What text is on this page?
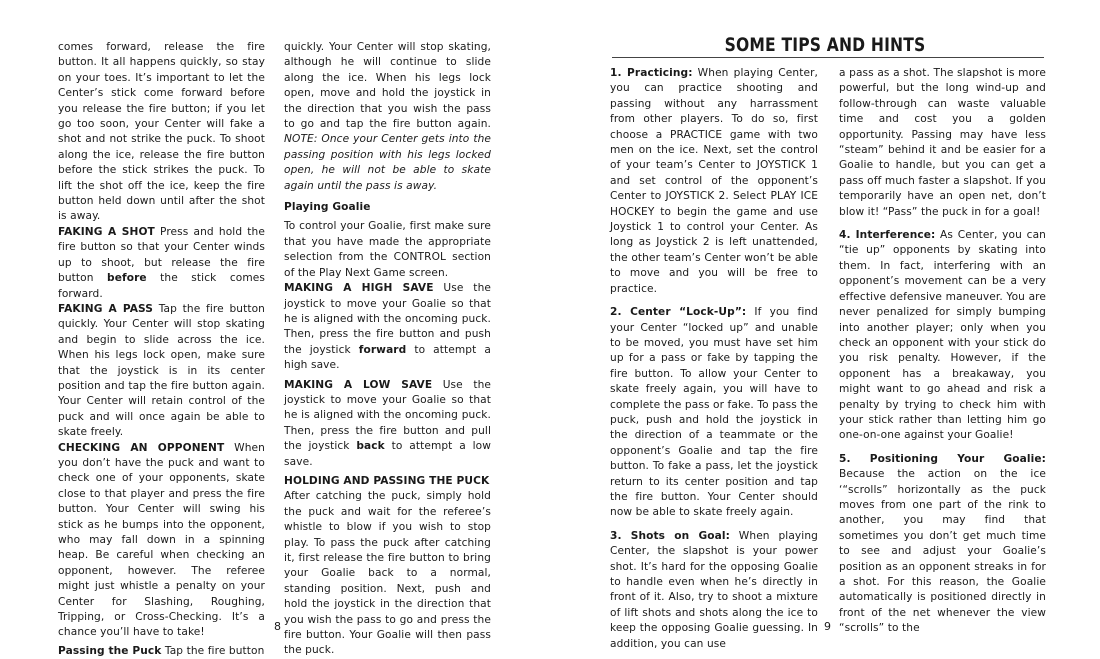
comes forward, release the fire button. It all happens quickly, so stay on your toes. It’s important to let the Center’s stick come forward before you release the fire button; if you let go too soon, your Center will fake a shot and not strike the puck. To shoot along the ice, release the fire button before the stick strikes the puck. To lift the shot off the ice, keep the fire button held down until after the shot is away.

FAKING A SHOT Press and hold the fire button so that your Center winds up to shoot, but release the fire button before the stick comes forward.

FAKING A PASS Tap the fire button quickly. Your Center will stop skating and begin to slide across the ice. When his legs lock open, make sure that the joystick is in its center position and tap the fire button again. Your Center will retain control of the puck and will once again be able to skate freely.

CHECKING AN OPPONENT When you don’t have the puck and want to check one of your opponents, skate close to that player and press the fire button. Your Center will swing his stick as he bumps into the opponent, who may fall down in a spinning heap. Be careful when checking an opponent, however. The referee might just whistle a penalty on your Center for Slashing, Roughing, Tripping, or Cross-Checking. It’s a chance you’ll have to take!

Passing the Puck Tap the fire button

quickly. Your Center will stop skating, although he will continue to slide along the ice. When his legs lock open, move and hold the joystick in the direction that you wish the pass to go and tap the fire button again. NOTE: Once your Center gets into the passing position with his legs locked open, he will not be able to skate again until the pass is away.

Playing Goalie

To control your Goalie, first make sure that you have made the appropriate selection from the CONTROL section of the Play Next Game screen.

MAKING A HIGH SAVE Use the joystick to move your Goalie so that he is aligned with the oncoming puck. Then, press the fire button and push the joystick forward to attempt a high save.

MAKING A LOW SAVE Use the joystick to move your Goalie so that he is aligned with the oncoming puck. Then, press the fire button and pull the joystick back to attempt a low save.

HOLDING AND PASSING THE PUCK

After catching the puck, simply hold the puck and wait for the referee’s whistle to blow if you wish to stop play. To pass the puck after catching it, first release the fire button to bring your Goalie back to a normal, standing position. Next, push and hold the joystick in the direction that you wish the pass to go and press the fire button. Your Goalie will then pass the puck.

8
SOME TIPS AND HINTS

1. Practicing: When playing Center, you can practice shooting and passing without any harrassment from other players. To do so, first choose a PRACTICE game with two men on the ice. Next, set the control of your team’s Center to JOYSTICK 1 and set control of the opponent’s Center to JOYSTICK 2. Select PLAY ICE HOCKEY to begin the game and use Joystick 1 to control your Center. As long as Joystick 2 is left unattended, the other team’s Center won’t be able to move and you will be free to practice.

2. Center “Lock-Up”: If you find your Center “locked up” and unable to be moved, you must have set him up for a pass or fake by tapping the fire button. To allow your Center to skate freely again, you will have to complete the pass or fake. To pass the puck, push and hold the joystick in the direction of a teammate or the opponent’s Goalie and tap the fire button. To fake a pass, let the joystick return to its center position and tap the fire button. Your Center should now be able to skate freely again.

3. Shots on Goal: When playing Center, the slapshot is your power shot. It’s hard for the opposing Goalie to handle even when he’s directly in front of it. Also, try to shoot a mixture of lift shots and shots along the ice to keep the opposing Goalie guessing. In addition, you can use

a pass as a shot. The slapshot is more powerful, but the long wind-up and follow-through can waste valuable time and cost you a golden opportunity. Passing may have less “steam” behind it and be easier for a Goalie to handle, but you can get a pass off much faster a slapshot. If you temporarily have an open net, don’t blow it! “Pass” the puck in for a goal!

4. Interference: As Center, you can “tie up” opponents by skating into them. In fact, interfering with an opponent’s movement can be a very effective defensive maneuver. You are never penalized for simply bumping into another player; only when you check an opponent with your stick do you risk penalty. However, if the opponent has a breakaway, you might want to go ahead and risk a penalty by trying to check him with your stick rather than letting him go one-on-one against your Goalie!

5. Positioning Your Goalie: Because the action on the ice ‘“scrolls” horizontally as the puck moves from one part of the rink to another, you may find that sometimes you don’t get much time to see and adjust your Goalie’s position as an opponent streaks in for a shot. For this reason, the Goalie automatically is positioned directly in front of the net whenever the view “scrolls” to the

9
